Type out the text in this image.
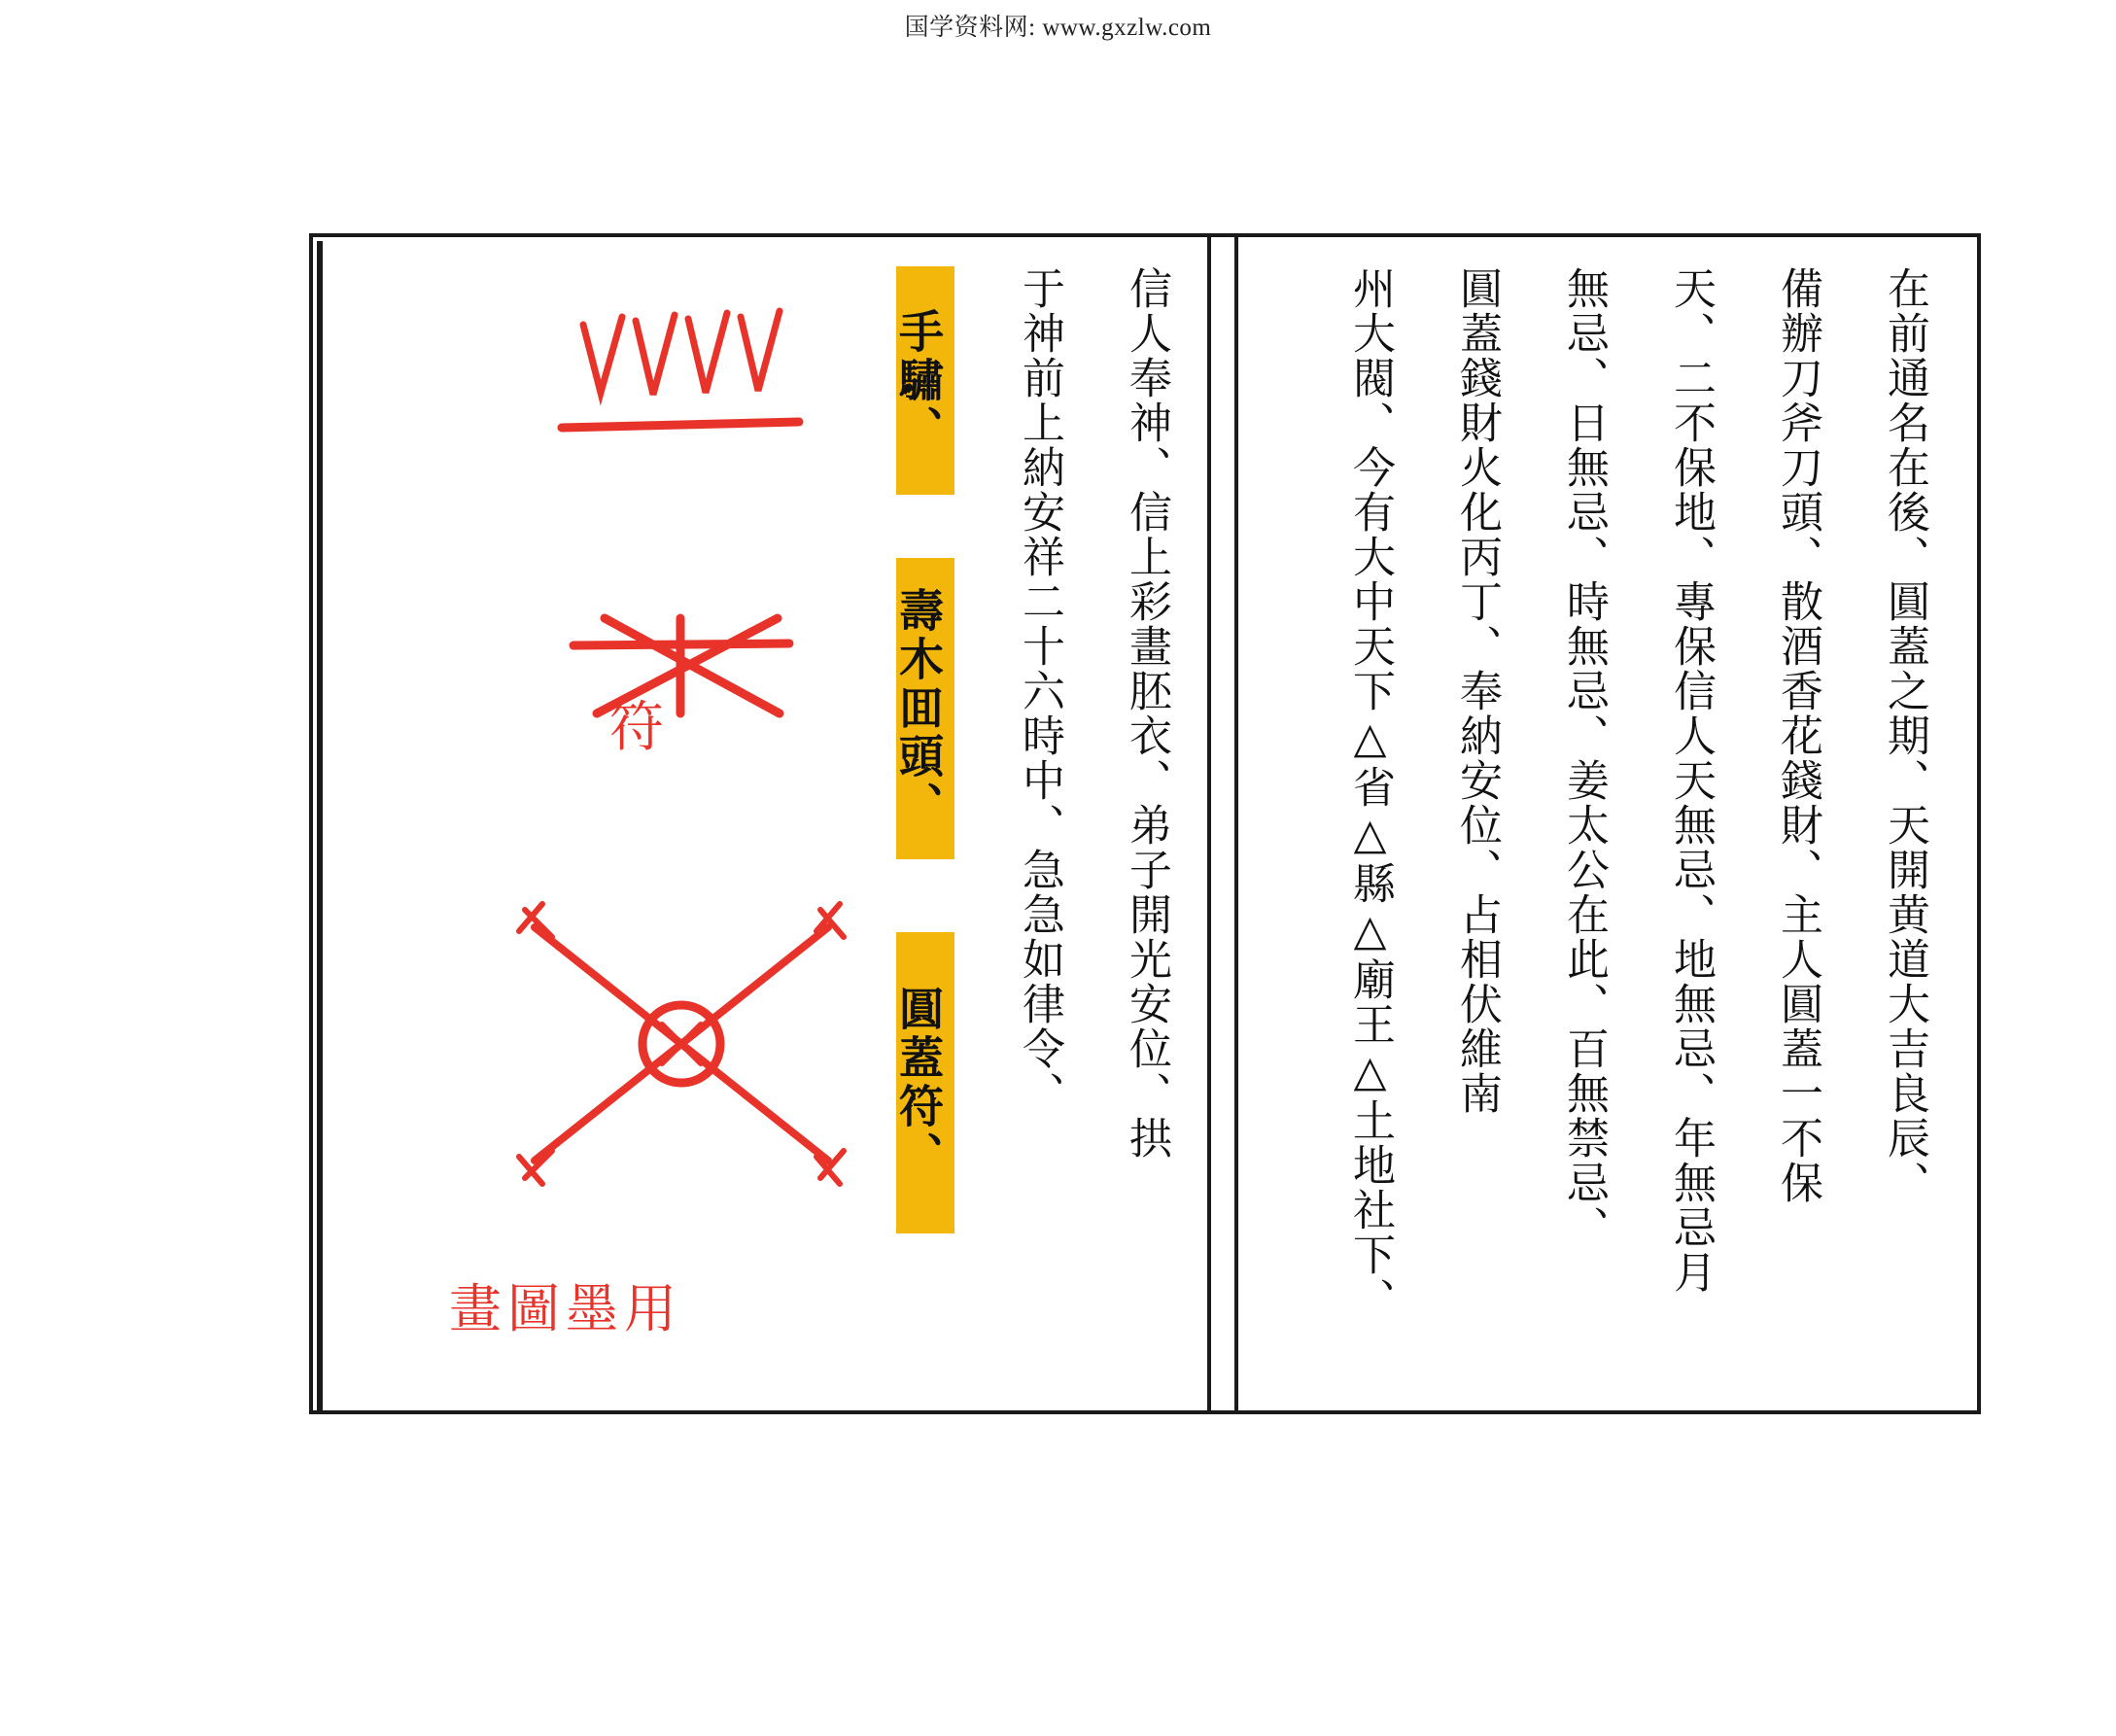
国学资料网: www.gxzlw.com
在前通名在後、圓蓋之期、天開黄道大吉良辰、
備辦刀斧刀頭、散酒香花錢財、主人圓蓋一不保
天、二不保地、專保信人天無忌、地無忌、年無忌月
無忌、日無忌、時無忌、姜太公在此、百無禁忌、
圓蓋錢財火化丙丁、奉納安位、占相伏維南
州大閥、今有大中天下△省△縣△廟王△土地社下、
信人奉神、信上彩畫胚衣、弟子開光安位、拱
于神前上納安祥二十六時中、急急如律令、
手驌、
壽木囬頭、
圓蓋符、
符
畫圖墨用
